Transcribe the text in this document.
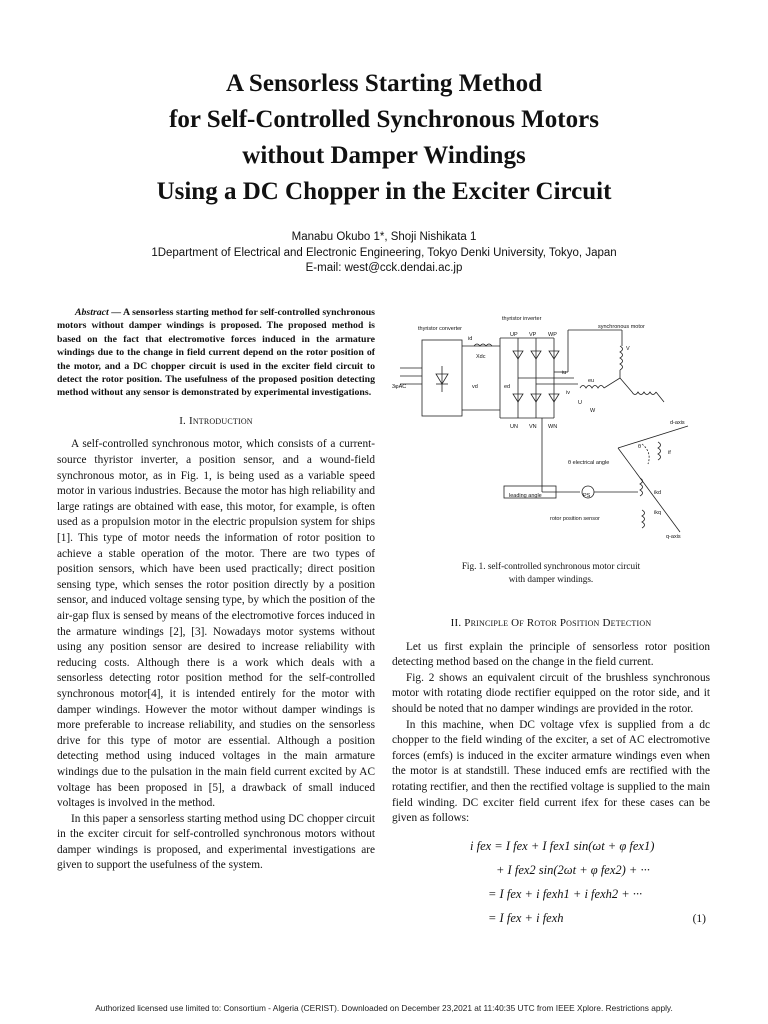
A Sensorless Starting Method
for Self-Controlled Synchronous Motors
without Damper Windings
Using a DC Chopper in the Exciter Circuit
Manabu Okubo 1*, Shoji Nishikata 1
1Department of Electrical and Electronic Engineering, Tokyo Denki University, Tokyo, Japan
E-mail: west@cck.dendai.ac.jp

Abstract — A sensorless starting method for self-controlled synchronous motors without damper windings is proposed. The proposed method is based on the fact that electromotive forces induced in the armature windings due to the change in field current depend on the rotor position of the motor, and a DC chopper circuit is used in the exciter field circuit to detect the rotor position. The usefulness of the proposed position detecting method without any sensor is demonstrated by experimental investigations.

I. Introduction

A self-controlled synchronous motor, which consists of a current-source thyristor inverter, a position sensor, and a wound-field synchronous motor, as in Fig. 1, is being used as a variable speed motor in various industries. Because the motor has high reliability and large ratings are obtained with ease, this motor, for example, is often used as a propulsion motor in the electric propulsion system for ships [1]. This type of motor needs the information of rotor position to achieve a stable operation of the motor. There are two types of position sensors, which have been used practically; direct position sensing type, which senses the rotor position directly by a position sensor, and induced voltage sensing type, by which the position of the air-gap flux is sensed by means of the electromotive forces induced in the armature windings [2], [3]. Nowadays motor systems without using any position sensor are desired to increase reliability with reducing costs. Although there is a work which deals with a sensorless detecting rotor position method for the self-controlled synchronous motor[4], it is intended entirely for the motor with damper windings. However the motor without damper windings is more preferable to increase reliability, and studies on the sensorless drive for this type of motor are essential. Although a position detecting method using induced voltages in the main armature windings due to the pulsation in the main field current excited by AC voltage has been proposed in [5], a drawback of small induced voltages is involved in the method.

In this paper a sensorless starting method using DC chopper circuit in the exciter circuit for self-controlled synchronous motors without damper windings is proposed, and experimental investigations are given to support the usefulness of the system.

thyristor converter
thyristor inverter
synchronous motor
3φAC
UP VP WP
UN VN WN
id
Xdc
vd	ed
iu
iv
eu
U
V
W
d-axis
q-axis
θ electrical angle
θ
leading angle	PS
rotor position sensor
ikd
ikq
if
Fig. 1. self-controlled synchronous motor circuit
with damper windings.
II. Principle Of Rotor Position Detection

Let us first explain the principle of sensorless rotor position detecting method based on the change in the field current.

Fig. 2 shows an equivalent circuit of the brushless synchronous motor with rotating diode rectifier equipped on the rotor side, and it should be noted that no damper windings are provided in the rotor.

In this machine, when DC voltage vfex is supplied from a dc chopper to the field winding of the exciter, a set of AC electromotive forces (emfs) is induced in the exciter armature windings even when the motor is at standstill. These induced emfs are rectified with the rotating rectifier, and then the rectified voltage is supplied to the main field winding. DC exciter field current ifex for these cases can be given as follows:

i fex = I fex + I fex1 sin(ωt + φ fex1)
+ I fex2 sin(2ωt + φ fex2) + ···
= I fex + i fexh1 + i fexh2 + ···
= I fex + i fexh	(1)
Authorized licensed use limited to: Consortium - Algeria (CERIST). Downloaded on December 23,2021 at 11:40:35 UTC from IEEE Xplore. Restrictions apply.
